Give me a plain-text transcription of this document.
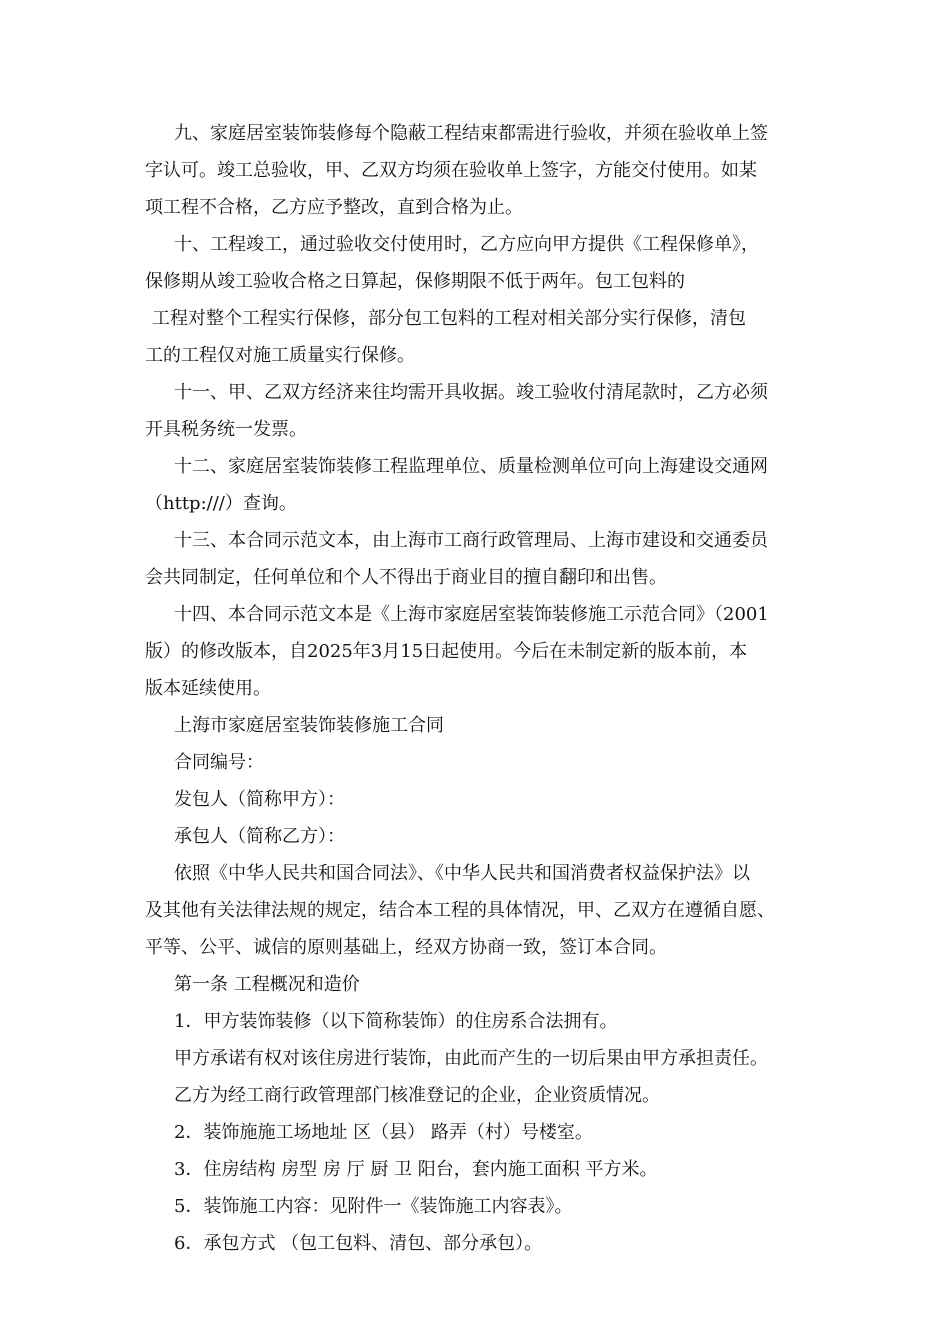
九、家庭居室装饰装修每个隐蔽工程结束都需进行验收，并须在验收单上签
字认可。竣工总验收，甲、乙双方均须在验收单上签字，方能交付使用。如某
项工程不合格，乙方应予整改，直到合格为止。
十、工程竣工，通过验收交付使用时，乙方应向甲方提供《工程保修单》，
保修期从竣工验收合格之日算起，保修期限不低于两年。包工包料的
工程对整个工程实行保修，部分包工包料的工程对相关部分实行保修，清包
工的工程仅对施工质量实行保修。
十一、甲、乙双方经济来往均需开具收据。竣工验收付清尾款时，乙方必须
开具税务统一发票。
十二、家庭居室装饰装修工程监理单位、质量检测单位可向上海建设交通网
（http:///）查询。
十三、本合同示范文本，由上海市工商行政管理局、上海市建设和交通委员
会共同制定，任何单位和个人不得出于商业目的擅自翻印和出售。
十四、本合同示范文本是《上海市家庭居室装饰装修施工示范合同》（2001
版）的修改版本，自2025年3月15日起使用。今后在未制定新的版本前，本
版本延续使用。
上海市家庭居室装饰装修施工合同
合同编号：
发包人（简称甲方）：
承包人（简称乙方）：
依照《中华人民共和国合同法》、《中华人民共和国消费者权益保护法》以
及其他有关法律法规的规定，结合本工程的具体情况，甲、乙双方在遵循自愿、
平等、公平、诚信的原则基础上，经双方协商一致，签订本合同。
第一条 工程概况和造价
1．甲方装饰装修（以下简称装饰）的住房系合法拥有。
甲方承诺有权对该住房进行装饰，由此而产生的一切后果由甲方承担责任。
乙方为经工商行政管理部门核准登记的企业，企业资质情况。
2．装饰施施工场地址 区（县） 路弄（村）号楼室。
3．住房结构 房型 房 厅 厨 卫 阳台，套内施工面积 平方米。
5．装饰施工内容：见附件一《装饰施工内容表》。
6．承包方式 （包工包料、清包、部分承包）。
